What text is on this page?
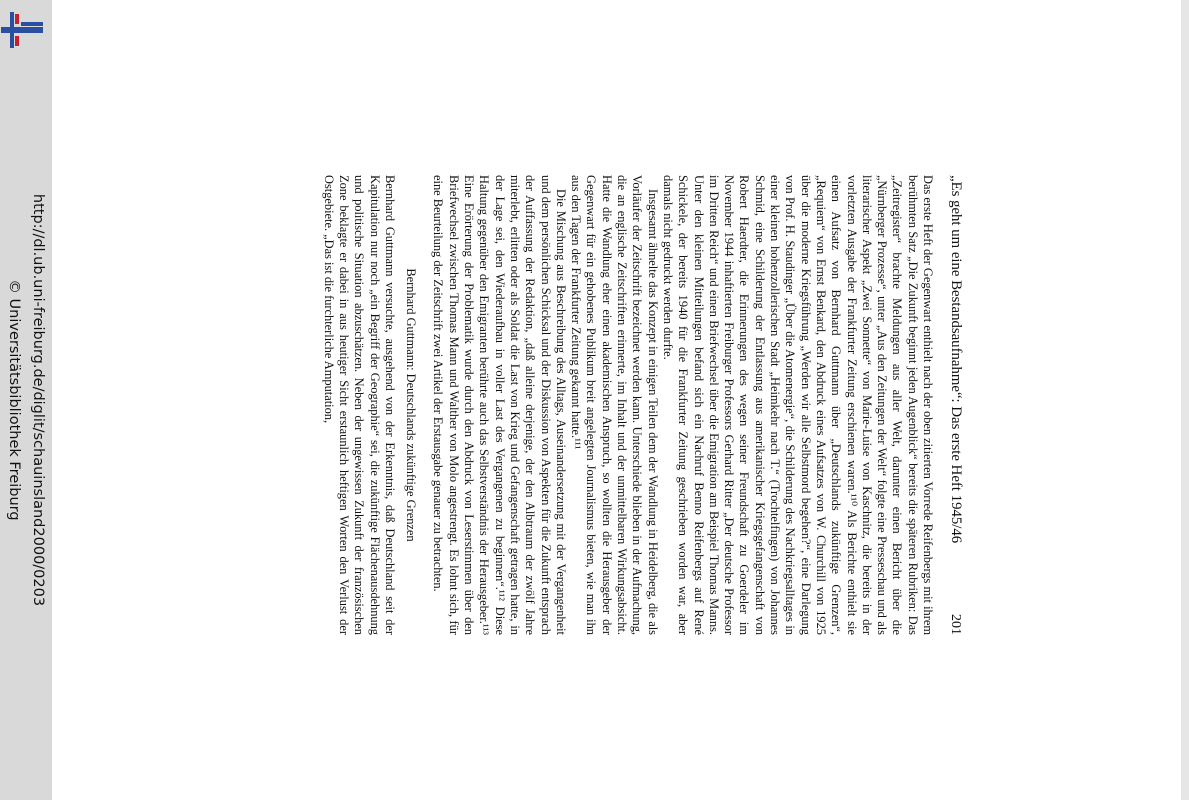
http://dl.ub.uni-freiburg.de/diglit/schauinsland2000/0203
© Universitätsbibliothek Freiburg	„Es geht um eine Bestandsaufnahme“: Das erste Heft 1945/46
201

Das erste Heft der Gegenwart enthielt nach der oben zitierten Vorrede Reifenbergs mit ihrem berühmten Satz „Die Zukunft beginnt jeden Augenblick“ bereits die späteren Rubriken: Das „Zeitregister“ brachte Meldungen aus aller Welt, darunter einen Bericht über die „Nürnberger Prozesse“, unter „Aus den Zeitungen der Welt“ folgte eine Presseschau und als literarischer Aspekt „Zwei Sonnette“ von Marie-Luise von Kaschnitz, die bereits in der vorletzten Ausgabe der Frankfurter Zeitung erschienen waren.¹¹⁰ Als Berichte enthielt sie einen Aufsatz von Bernhard Guttmann über „Deutschlands zukünftige Grenzen“, „Requiem“ von Ernst Benkard, den Abdruck eines Aufsatzes von W. Churchill von 1925 über die moderne Kriegsführung „Werden wir alle Selbstmord begehen?“, eine Darlegung von Prof. H. Staudinger „Über die Atomenergie“, die Schilderung des Nachkriegsalltages in einer kleinen hohenzollerischen Stadt „Heimkehr nach T.“ (Trochtelfingen) von Johannes Schmid, eine Schilderung der Entlassung aus amerikanischer Kriegsgefangenschaft von Robert Haerdter, die Erinnerungen des wegen seiner Freundschaft zu Goerdeler im November 1944 inhaftierten Freiburger Professors Gerhard Ritter „Der deutsche Professor im Dritten Reich“ und einen Briefwechsel über die Emigration am Beispiel Thomas Manns. Unter den kleinen Mitteilungen befand sich ein Nachruf Benno Reifenbergs auf René Schickele, der bereits 1940 für die Frankfurter Zeitung geschrieben worden war, aber damals nicht gedruckt werden durfte.

Insgesamt ähnelte das Konzept in einigen Teilen dem der Wandlung in Heidelberg, die als Vorläufer der Zeitschrift bezeichnet werden kann. Unterschiede blieben in der Aufmachung, die an englische Zeitschriften erinnerte, im Inhalt und der unmittelbaren Wirkungsabsicht. Hatte die Wandlung eher einen akademischen Anspruch, so wollten die Herausgeber der Gegenwart für ein gehobenes Publikum breit angelegten Journalismus bieten, wie man ihn aus den Tagen der Frankfurter Zeitung gekannt hatte.¹¹¹

Die Mischung aus Beschreibung des Alltags, Auseinandersetzung mit der Vergangenheit und dem persönlichen Schicksal und der Diskussion von Aspekten für die Zukunft entsprach der Auffassung der Redaktion, „daß alleine derjenige, der den Albtraum der zwölf Jahre miterlebt, erlitten oder als Soldat die Last von Krieg und Gefangenschaft getragen hatte, in der Lage sei, den Wiederaufbau in voller Last des Vergangenen zu beginnen“.¹¹² Diese Haltung gegenüber den Emigranten berührte auch das Selbstverständnis der Herausgeber.¹¹³ Eine Erörterung der Problematik wurde durch den Abdruck von Leserstimmen über den Briefwechsel zwischen Thomas Mann und Walther von Molo angestrengt. Es lohnt sich, für eine Beurteilung der Zeitschrift zwei Artikel der Erstausgabe genauer zu betrachten.

Bernhard Guttmann: Deutschlands zukünftige Grenzen

Bernhard Guttmann versuchte, ausgehend von der Erkenntnis, daß Deutschland seit der Kapitulation nur noch „ein Begriff der Geographie“ sei, die zukünftige Flächenausdehnung und politische Situation abzuschätzen. Neben der ungewissen Zukunft der französischen Zone beklagte er dabei in aus heutiger Sicht erstaunlich heftigen Worten den Verlust der Ostgebiete. „Das ist die furchterliche Amputation,
